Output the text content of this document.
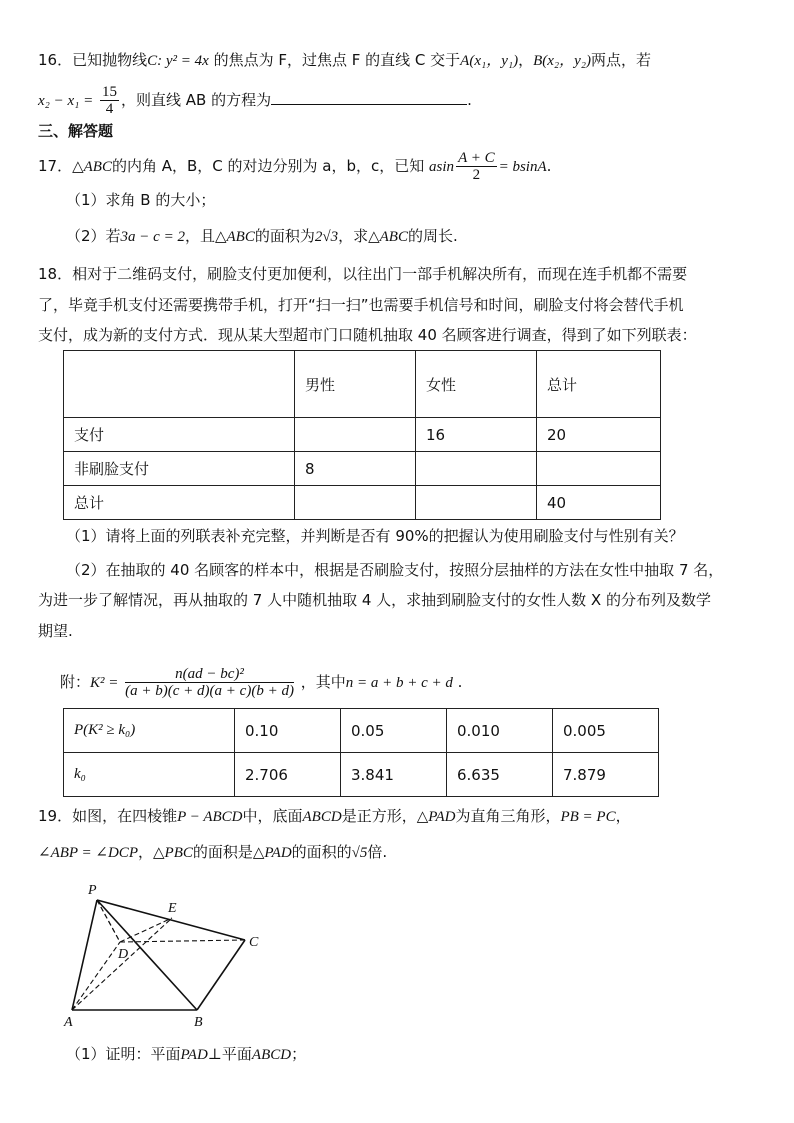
16．已知抛物线C: y² = 4x 的焦点为 F，过焦点 F 的直线 C 交于A(x₁，y₁)，B(x₂，y₂)两点，若
$x_2 - x_1 = \frac{15}{4}$ ，则直线 AB 的方程为	.
三、解答题
17．△ABC的内角 A，B，C 的对边分别为 a，b，c，已知 asin $\frac{A + C}{2} = bsinA$.
（1）求角 B 的大小；
（2）若3a − c = 2，且△ABC的面积为2√3，求△ABC的周长.
18．相对于二维码支付，刷脸支付更加便利，以往出门一部手机解决所有，而现在连手机都不需要
了，毕竟手机支付还需要携带手机，打开“扫一扫”也需要手机信号和时间，刷脸支付将会替代手机
支付，成为新的支付方式．现从某大型超市门口随机抽取 40 名顾客进行调查，得到了如下列联表：
	男性	女性	总计
支付		16	20
非刷脸支付	8		
总计			40
（1）请将上面的列联表补充完整，并判断是否有 90%的把握认为使用刷脸支付与性别有关？
（2）在抽取的 40 名顾客的样本中，根据是否刷脸支付，按照分层抽样的方法在女性中抽取 7 名，
为进一步了解情况，再从抽取的 7 人中随机抽取 4 人，求抽到刷脸支付的女性人数 X 的分布列及数学
期望.
附：$K^2 = \frac{\text{n(ad − bc)²}}{(a + b)(c + d)(a + c)(b + d)}$ ，其中n = a + b + c + d .
P(K² ≥ k₀)	0.10	0.05	0.010	0.005
k₀	2.706	3.841	6.635	7.879
19．如图，在四棱锥P − ABCD中，底面ABCD是正方形，△PAD为直角三角形，PB = PC，
∠ABP = ∠DCP，△PBC的面积是△PAD的面积的√5倍.
P
E
C
D
A	B
（1）证明：平面PAD⊥平面ABCD；
